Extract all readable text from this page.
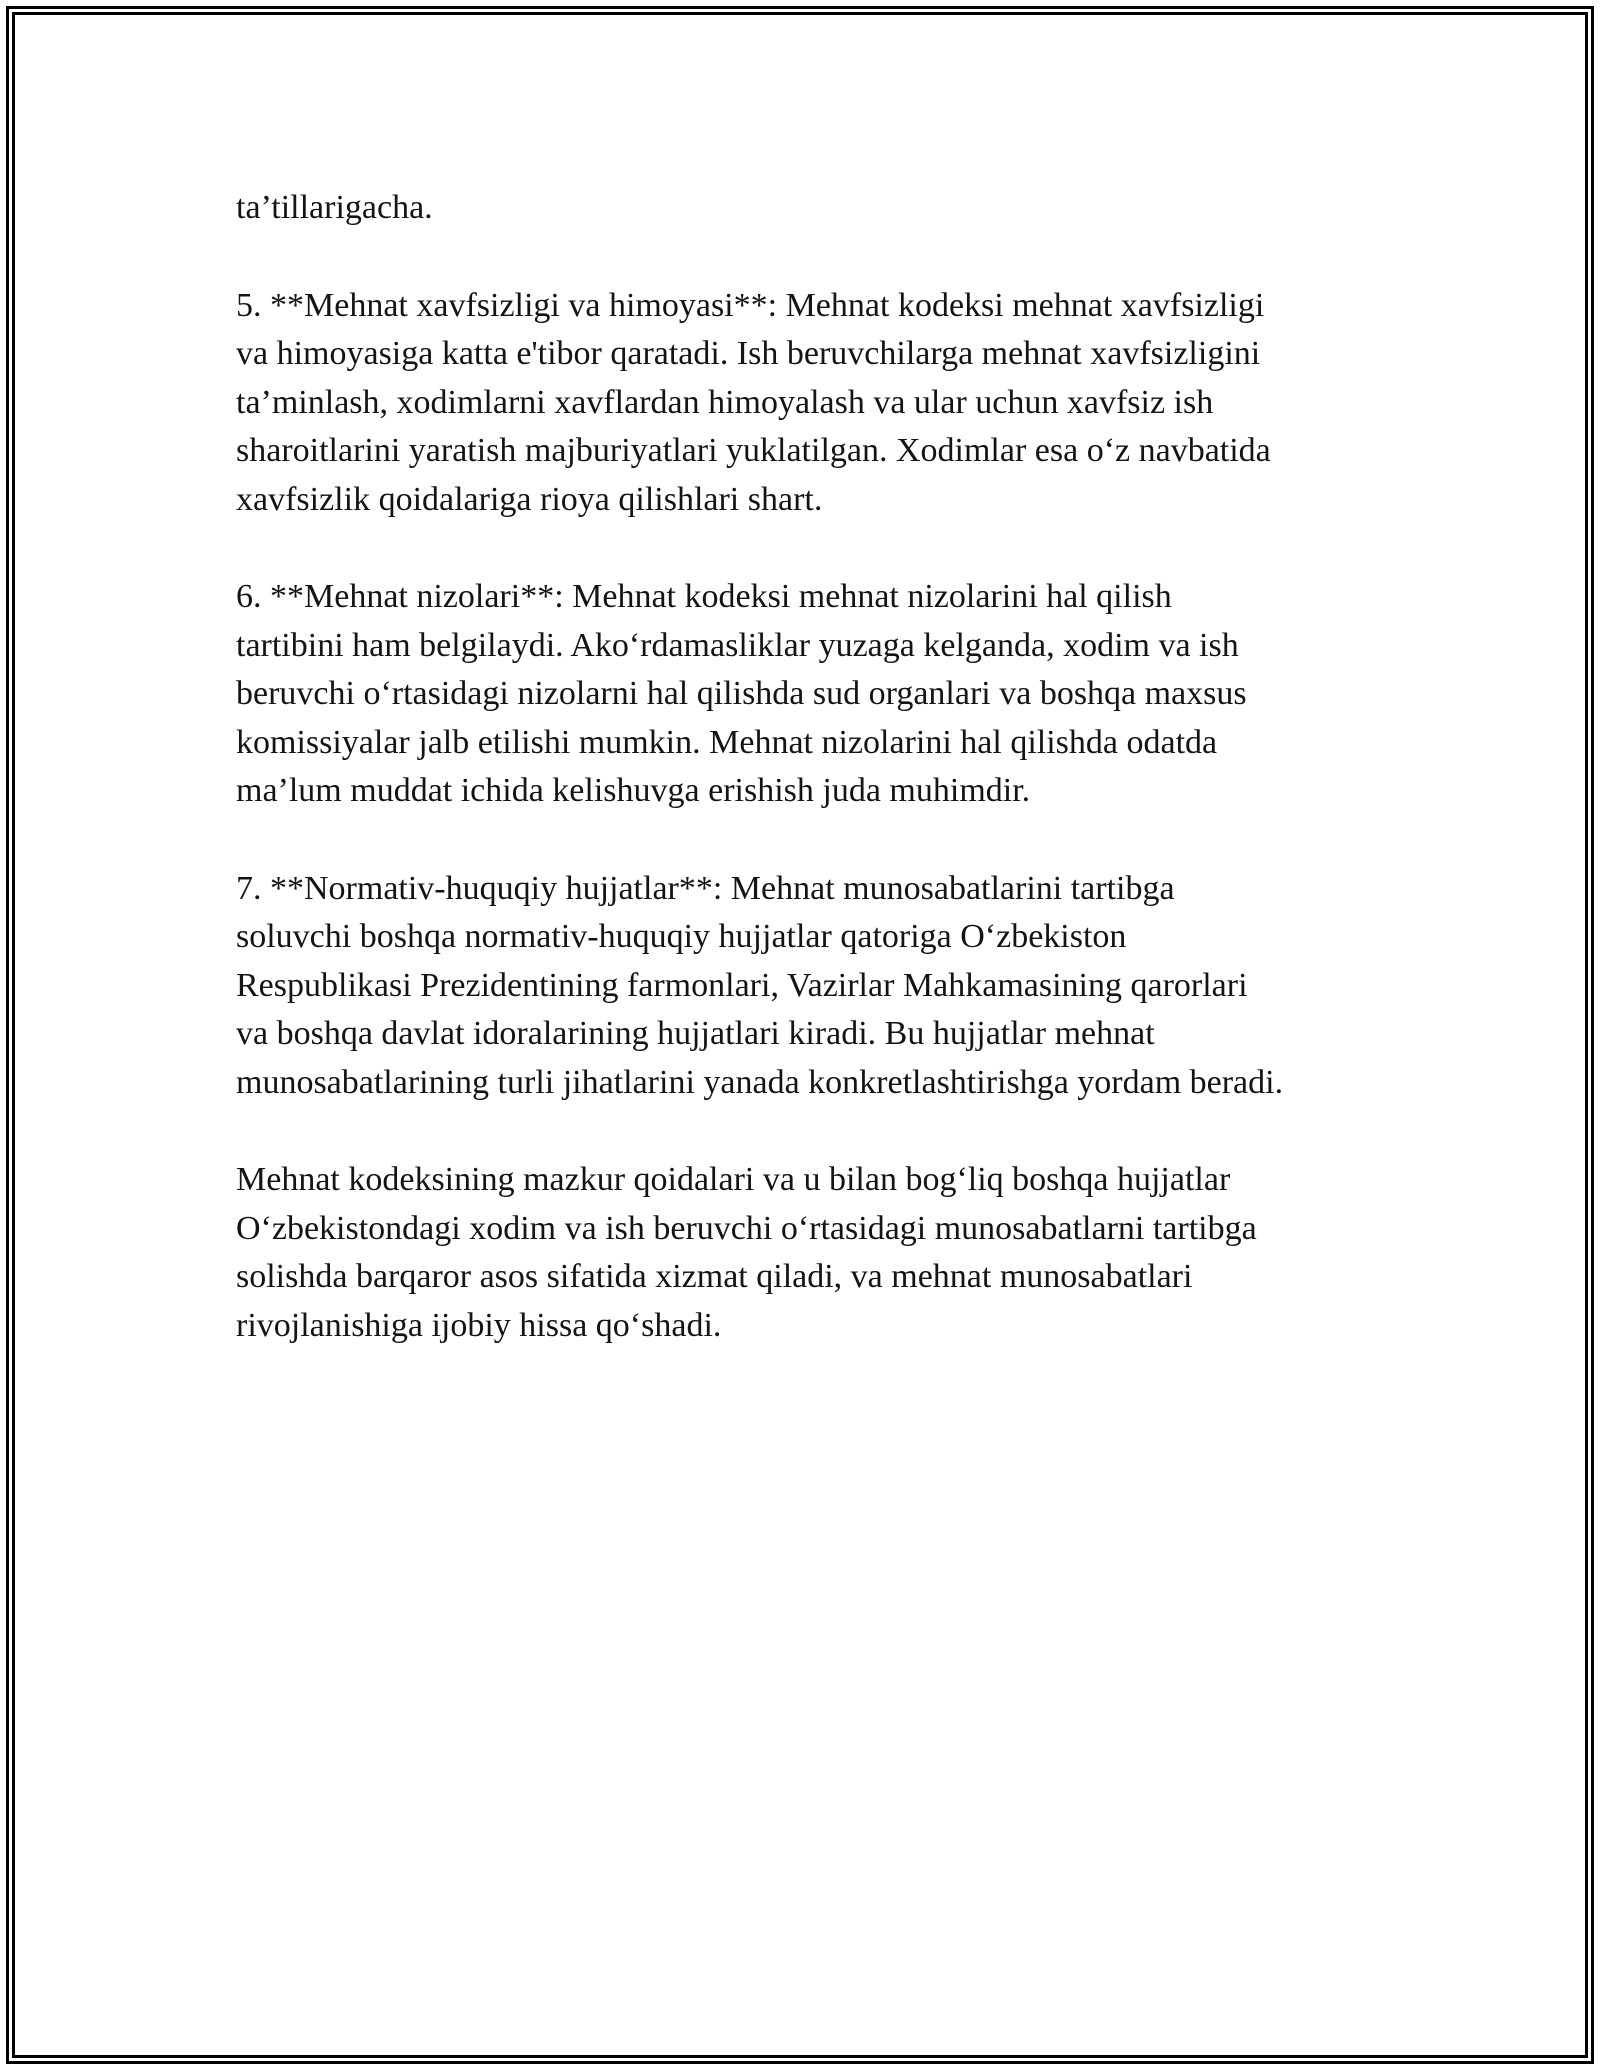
ta’tillarigacha.

5. **Mehnat xavfsizligi va himoyasi**: Mehnat kodeksi mehnat xavfsizligi
va himoyasiga katta e'tibor qaratadi. Ish beruvchilarga mehnat xavfsizligini
ta’minlash, xodimlarni xavflardan himoyalash va ular uchun xavfsiz ish
sharoitlarini yaratish majburiyatlari yuklatilgan. Xodimlar esa o‘z navbatida
xavfsizlik qoidalariga rioya qilishlari shart.

6. **Mehnat nizolari**: Mehnat kodeksi mehnat nizolarini hal qilish
tartibini ham belgilaydi. Ako‘rdamasliklar yuzaga kelganda, xodim va ish
beruvchi o‘rtasidagi nizolarni hal qilishda sud organlari va boshqa maxsus
komissiyalar jalb etilishi mumkin. Mehnat nizolarini hal qilishda odatda
ma’lum muddat ichida kelishuvga erishish juda muhimdir.

7. **Normativ-huquqiy hujjatlar**: Mehnat munosabatlarini tartibga
soluvchi boshqa normativ-huquqiy hujjatlar qatoriga O‘zbekiston
Respublikasi Prezidentining farmonlari, Vazirlar Mahkamasining qarorlari
va boshqa davlat idoralarining hujjatlari kiradi. Bu hujjatlar mehnat
munosabatlarining turli jihatlarini yanada konkretlashtirishga yordam beradi.

Mehnat kodeksining mazkur qoidalari va u bilan bog‘liq boshqa hujjatlar
O‘zbekistondagi xodim va ish beruvchi o‘rtasidagi munosabatlarni tartibga
solishda barqaror asos sifatida xizmat qiladi, va mehnat munosabatlari
rivojlanishiga ijobiy hissa qo‘shadi.
